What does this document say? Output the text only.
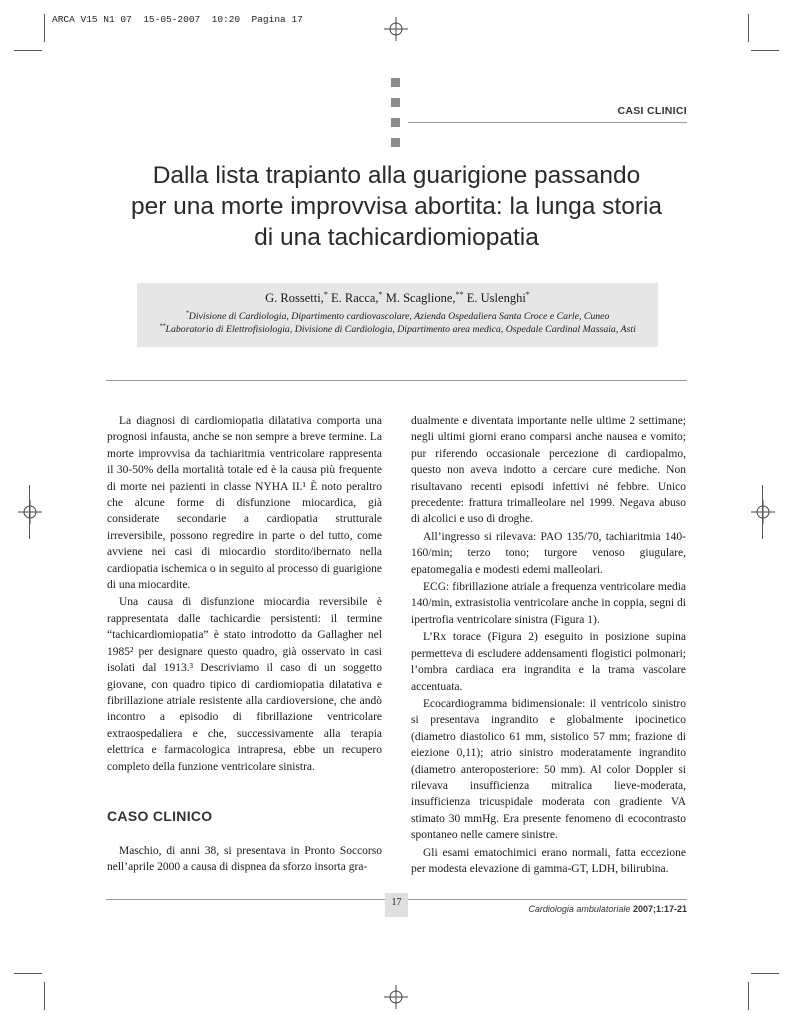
ARCA V15 N1 07  15-05-2007  10:20  Pagina 17
CASI CLINICI
Dalla lista trapianto alla guarigione passando
per una morte improvvisa abortita: la lunga storia
di una tachicardiomiopatia
G. Rossetti,* E. Racca,* M. Scaglione,** E. Uslenghi*
*Divisione di Cardiologia, Dipartimento cardiovascolare, Azienda Ospedaliera Santa Croce e Carle, Cuneo
**Laboratorio di Elettrofisiologia, Divisione di Cardiologia, Dipartimento area medica, Ospedale Cardinal Massaia, Asti

La diagnosi di cardiomiopatia dilatativa comporta una prognosi infausta, anche se non sempre a breve termine. La morte improvvisa da tachiaritmia ventricolare rappresenta il 30-50% della mortalità totale ed è la causa più frequente di morte nei pazienti in classe NYHA II.¹ È noto peraltro che alcune forme di disfunzione miocardica, già considerate secondarie a cardiopatia strutturale irreversibile, possono regredire in parte o del tutto, come avviene nei casi di miocardio stordito/ibernato nella cardiopatia ischemica o in seguito al processo di guarigione di una miocardite.

Una causa di disfunzione miocardia reversibile è rappresentata dalle tachicardie persistenti: il termine “tachicardiomiopatia” è stato introdotto da Gallagher nel 1985² per designare questo quadro, già osservato in casi isolati dal 1913.³ Descriviamo il caso di un soggetto giovane, con quadro tipico di cardiomiopatia dilatativa e fibrillazione atriale resistente alla cardioversione, che andò incontro a episodio di fibrillazione ventricolare extraospedaliera e che, successivamente alla terapia elettrica e farmacologica intrapresa, ebbe un recupero completo della funzione ventricolare sinistra.

CASO CLINICO

Maschio, di anni 38, si presentava in Pronto Soccorso nell’aprile 2000 a causa di dispnea da sforzo insorta gra-

dualmente e diventata importante nelle ultime 2 settimane; negli ultimi giorni erano comparsi anche nausea e vomito; pur riferendo occasionale percezione di cardiopalmo, questo non aveva indotto a cercare cure mediche. Non risultavano recenti episodi infettivi né febbre. Unico precedente: frattura trimalleolare nel 1999. Negava abuso di alcolici e uso di droghe.

All’ingresso si rilevava: PAO 135/70, tachiaritmia 140-160/min; terzo tono; turgore venoso giugulare, epatomegalia e modesti edemi malleolari.

ECG: fibrillazione atriale a frequenza ventricolare media 140/min, extrasistolia ventricolare anche in coppia, segni di ipertrofia ventricolare sinistra (Figura 1).

L’Rx torace (Figura 2) eseguito in posizione supina permetteva di escludere addensamenti flogistici polmonari; l’ombra cardiaca era ingrandita e la trama vascolare accentuata.

Ecocardiogramma bidimensionale: il ventricolo sinistro si presentava ingrandito e globalmente ipocinetico (diametro diastolico 61 mm, sistolico 57 mm; frazione di eiezione 0,11); atrio sinistro moderatamente ingrandito (diametro anteroposteriore: 50 mm). Al color Doppler si rilevava insufficienza mitralica lieve-moderata, insufficienza tricuspidale moderata con gradiente VA stimato 30 mmHg. Era presente fenomeno di ecocontrasto spontaneo nelle camere sinistre.

Gli esami ematochimici erano normali, fatta eccezione per modesta elevazione di gamma-GT, LDH, bilirubina.

17
Cardiologia ambulatoriale 2007;1:17-21
